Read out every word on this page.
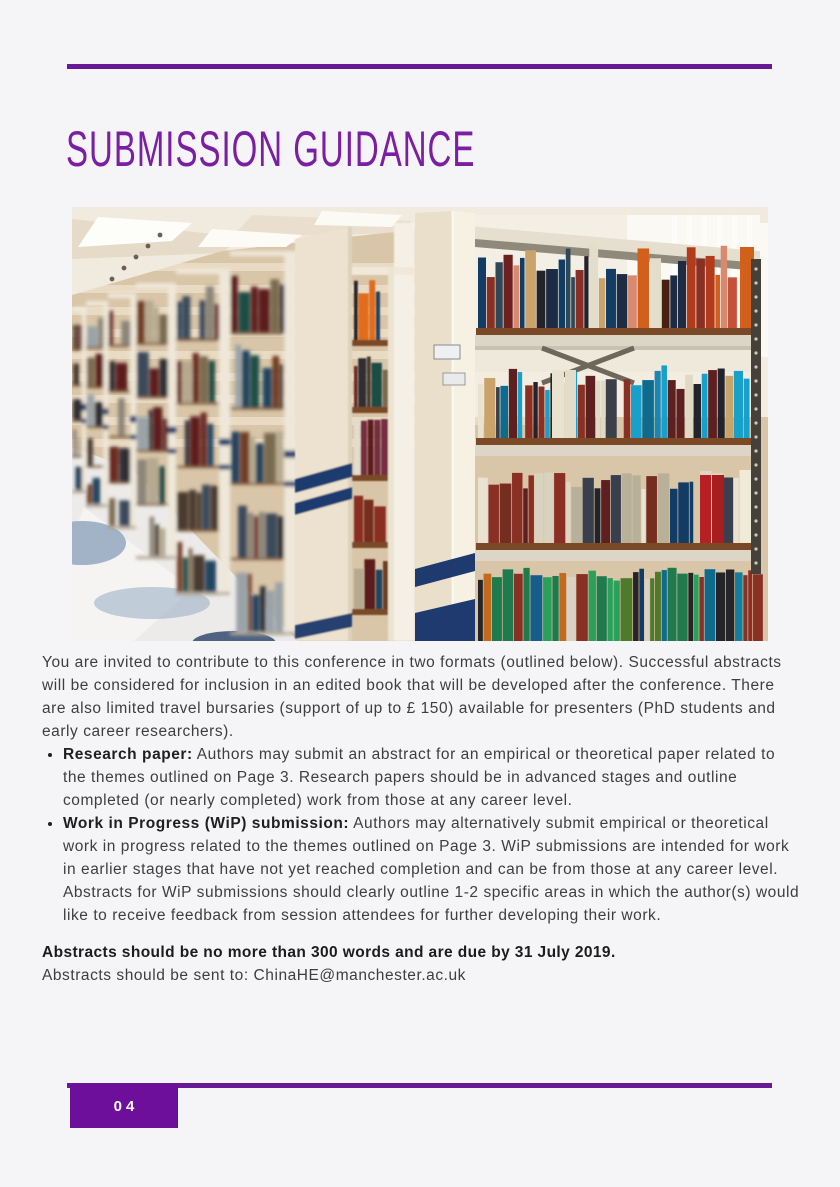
SUBMISSION GUIDANCE

You are invited to contribute to this conference in two formats (outlined below). Successful abstracts will be considered for inclusion in an edited book that will be developed after the conference. There are also limited travel bursaries (support of up to £ 150) available for presenters (PhD students and early career researchers).

• Research paper: Authors may submit an abstract for an empirical or theoretical paper related to the themes outlined on Page 3. Research papers should be in advanced stages and outline completed (or nearly completed) work from those at any career level.
• Work in Progress (WiP) submission: Authors may alternatively submit empirical or theoretical work in progress related to the themes outlined on Page 3. WiP submissions are intended for work in earlier stages that have not yet reached completion and can be from those at any career level. Abstracts for WiP submissions should clearly outline 1-2 specific areas in which the author(s) would like to receive feedback from session attendees for further developing their work.

Abstracts should be no more than 300 words and are due by 31 July 2019.

Abstracts should be sent to: ChinaHE@manchester.ac.uk

04
